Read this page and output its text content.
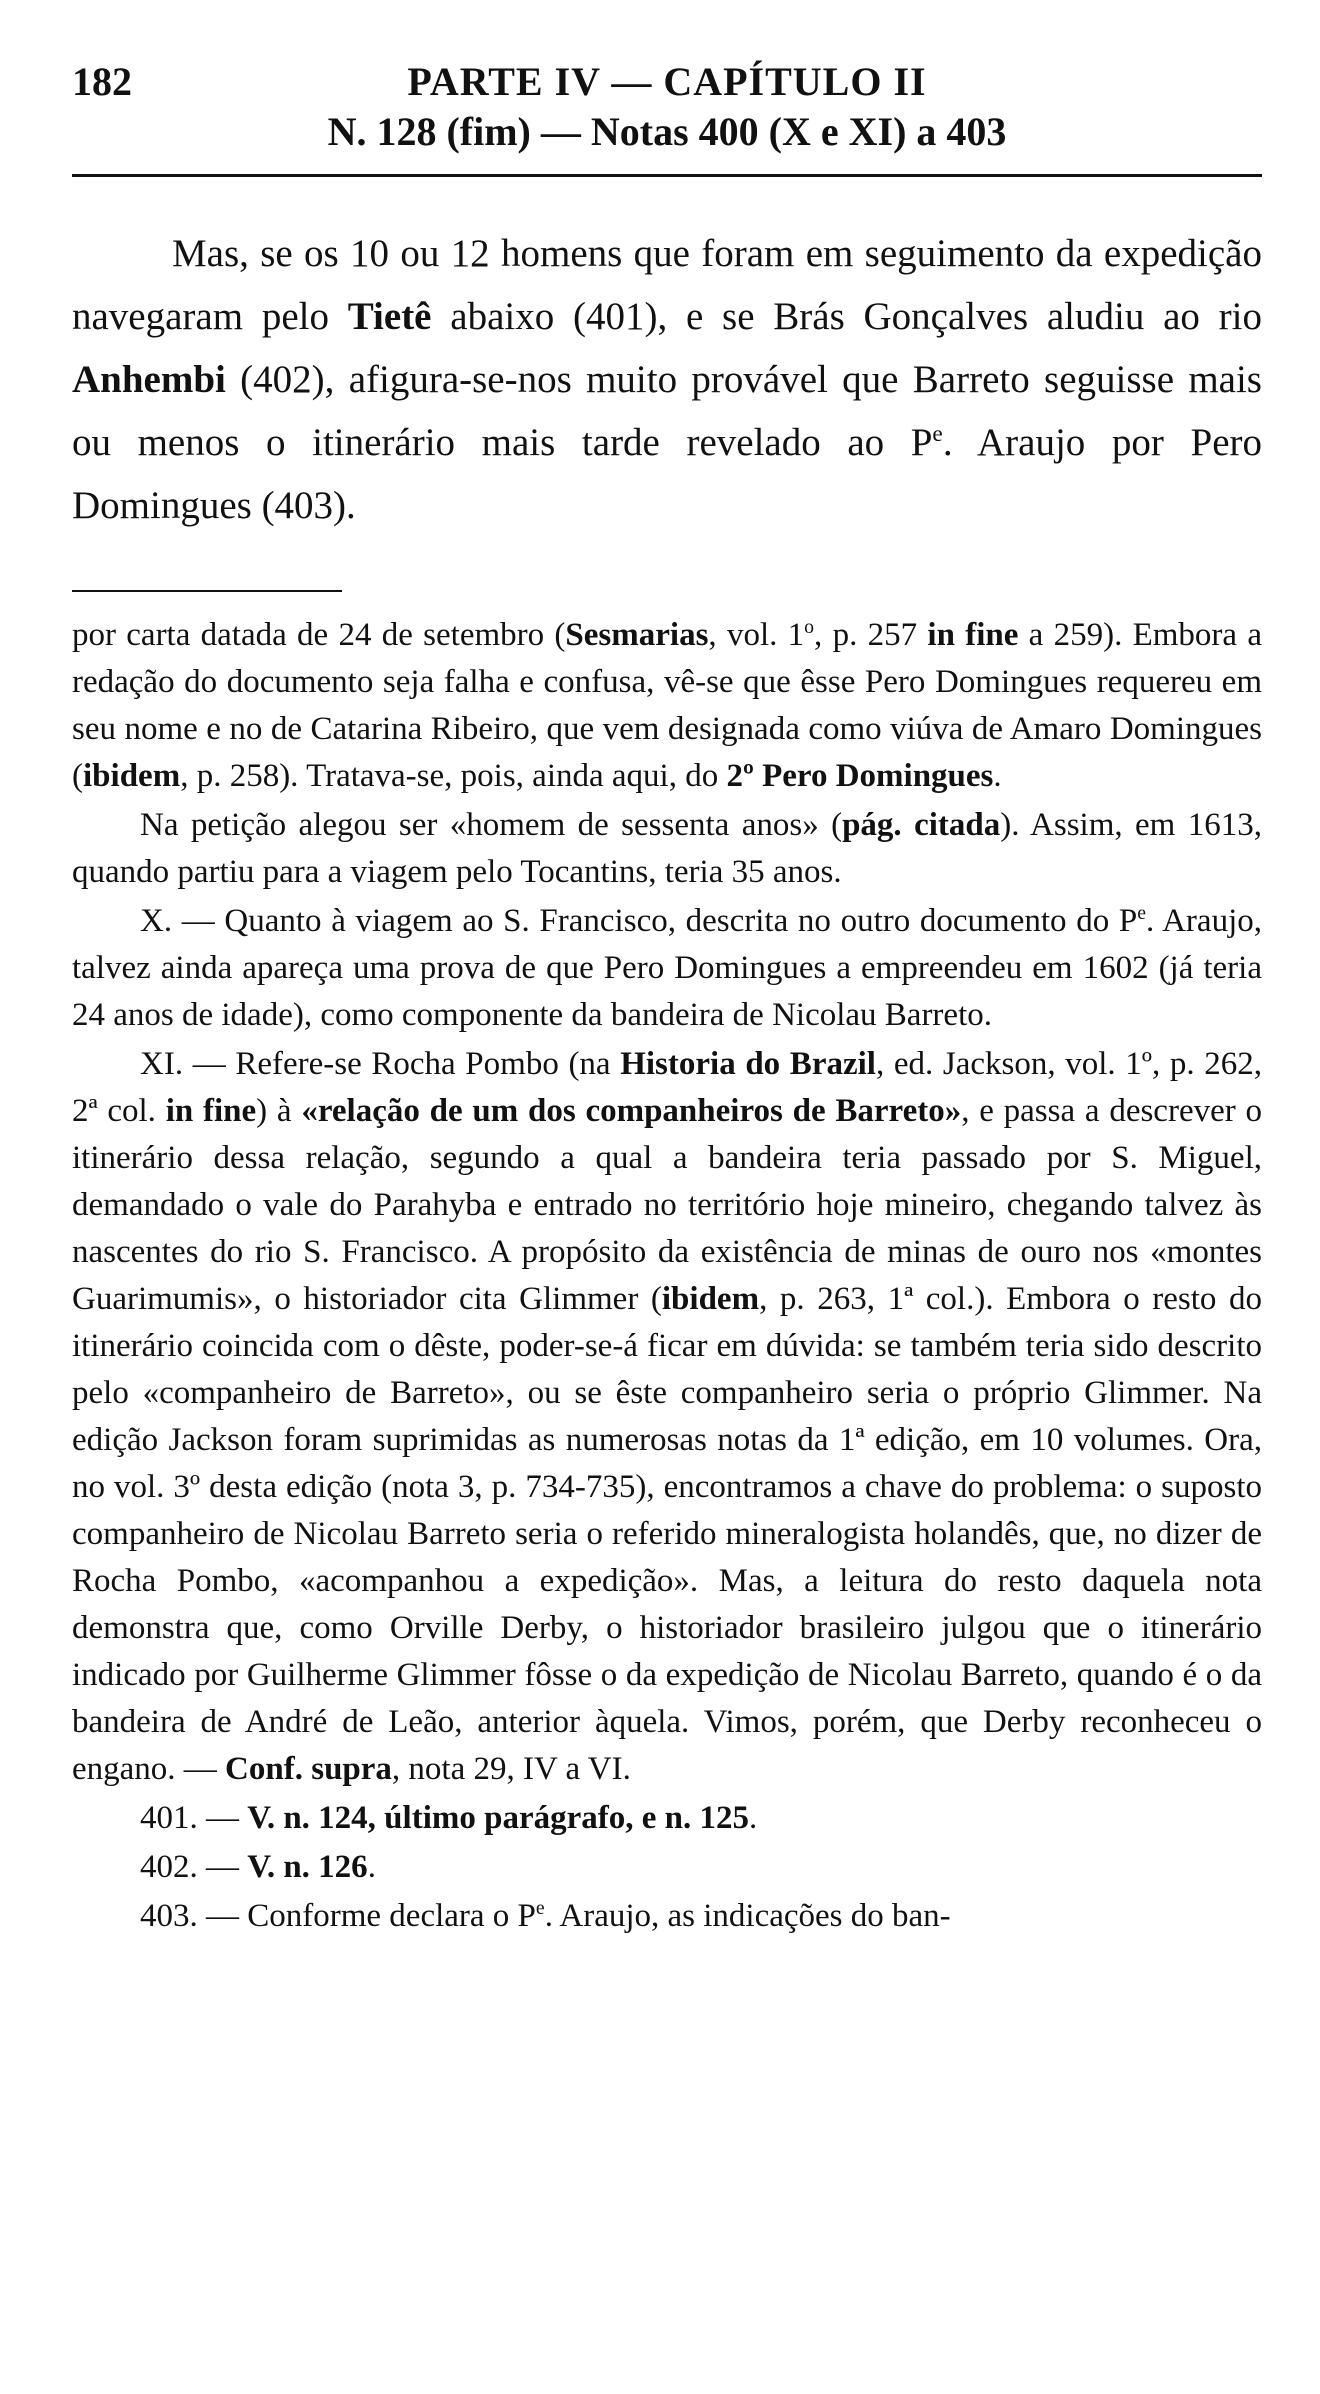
182	PARTE IV — CAPÍTULO II
N. 128 (fim) — Notas 400 (X e XI) a 403

Mas, se os 10 ou 12 homens que foram em seguimento da expedição navegaram pelo Tietê abaixo (401), e se Brás Gonçalves aludiu ao rio Anhembi (402), afigura-se-nos muito provável que Barreto seguisse mais ou menos o itinerário mais tarde revelado ao $P^e$. Araujo por Pero Domingues (403).

por carta datada de 24 de setembro (Sesmarias, vol. 1$^o$, p. 257 in fine a 259). Embora a redação do documento seja falha e confusa, vê-se que êsse Pero Domingues requereu em seu nome e no de Catarina Ribeiro, que vem designada como viúva de Amaro Domingues (ibidem, p. 258). Tratava-se, pois, ainda aqui, do 2º Pero Domingues.

Na petição alegou ser «homem de sessenta anos» (pág. citada). Assim, em 1613, quando partiu para a viagem pelo Tocantins, teria 35 anos.

X. — Quanto à viagem ao S. Francisco, descrita no outro documento do $P^e$. Araujo, talvez ainda apareça uma prova de que Pero Domingues a empreendeu em 1602 (já teria 24 anos de idade), como componente da bandeira de Nicolau Barreto.

XI. — Refere-se Rocha Pombo (na Historia do Brazil, ed. Jackson, vol. 1º, p. 262, 2ª col. in fine) à «relação de um dos companheiros de Barreto», e passa a descrever o itinerário dessa relação, segundo a qual a bandeira teria passado por S. Miguel, demandado o vale do Parahyba e entrado no território hoje mineiro, chegando talvez às nascentes do rio S. Francisco. A propósito da existência de minas de ouro nos «montes Guarimumis», o historiador cita Glimmer (ibidem, p. 263, 1ª col.). Embora o resto do itinerário coincida com o dêste, poder-se-á ficar em dúvida: se também teria sido descrito pelo «companheiro de Barreto», ou se êste companheiro seria o próprio Glimmer. Na edição Jackson foram suprimidas as numerosas notas da 1ª edição, em 10 volumes. Ora, no vol. 3º desta edição (nota 3, p. 734-735), encontramos a chave do problema: o suposto companheiro de Nicolau Barreto seria o referido mineralogista holandês, que, no dizer de Rocha Pombo, «acompanhou a expedição». Mas, a leitura do resto daquela nota demonstra que, como Orville Derby, o historiador brasileiro julgou que o itinerário indicado por Guilherme Glimmer fôsse o da expedição de Nicolau Barreto, quando é o da bandeira de André de Leão, anterior àquela. Vimos, porém, que Derby reconheceu o engano. — Conf. supra, nota 29, IV a VI.

401. — V. n. 124, último parágrafo, e n. 125.

402. — V. n. 126.

403. — Conforme declara o $P^e$. Araujo, as indicações do ban-
